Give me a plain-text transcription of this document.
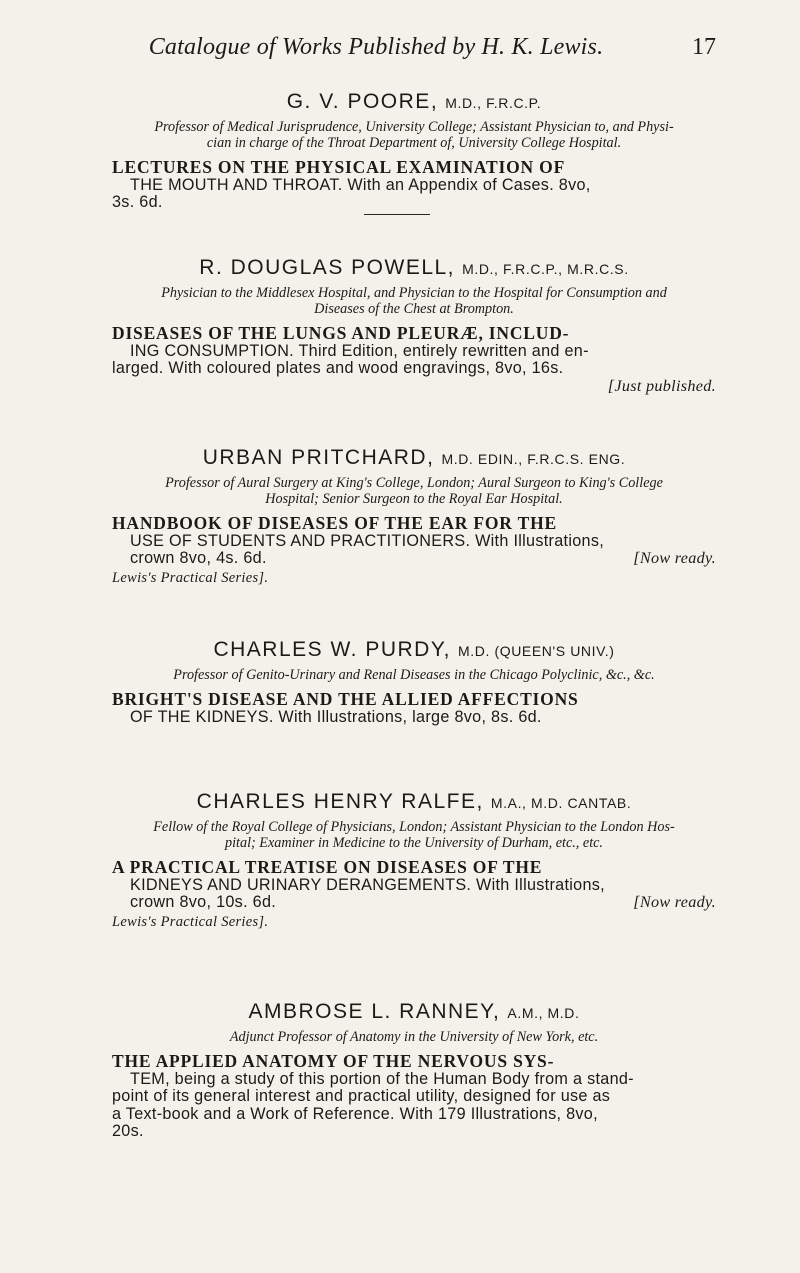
Catalogue of Works Published by H. K. Lewis.	17

G. V. POORE, M.D., F.R.C.P.

Professor of Medical Jurisprudence, University College; Assistant Physician to, and Physi-
cian in charge of the Throat Department of, University College Hospital.

LECTURES ON THE PHYSICAL EXAMINATION OF
THE MOUTH AND THROAT. With an Appendix of Cases. 8vo,
3s. 6d.

R. DOUGLAS POWELL, M.D., F.R.C.P., M.R.C.S.

Physician to the Middlesex Hospital, and Physician to the Hospital for Consumption and
Diseases of the Chest at Brompton.

DISEASES OF THE LUNGS AND PLEURÆ, INCLUD-
ING CONSUMPTION. Third Edition, entirely rewritten and en-
larged. With coloured plates and wood engravings, 8vo, 16s.
[Just published.

URBAN PRITCHARD, M.D. EDIN., F.R.C.S. ENG.

Professor of Aural Surgery at King's College, London; Aural Surgeon to King's College
Hospital; Senior Surgeon to the Royal Ear Hospital.

HANDBOOK OF DISEASES OF THE EAR FOR THE
USE OF STUDENTS AND PRACTITIONERS. With Illustrations,
crown 8vo, 4s. 6d.	[Now ready.
Lewis's Practical Series].

CHARLES W. PURDY, M.D. (QUEEN'S UNIV.)

Professor of Genito-Urinary and Renal Diseases in the Chicago Polyclinic, &c., &c.

BRIGHT'S DISEASE AND THE ALLIED AFFECTIONS
OF THE KIDNEYS. With Illustrations, large 8vo, 8s. 6d.

CHARLES HENRY RALFE, M.A., M.D. CANTAB.

Fellow of the Royal College of Physicians, London; Assistant Physician to the London Hos-
pital; Examiner in Medicine to the University of Durham, etc., etc.

A PRACTICAL TREATISE ON DISEASES OF THE
KIDNEYS AND URINARY DERANGEMENTS. With Illustrations,
crown 8vo, 10s. 6d.	[Now ready.
Lewis's Practical Series].

AMBROSE L. RANNEY, A.M., M.D.

Adjunct Professor of Anatomy in the University of New York, etc.

THE APPLIED ANATOMY OF THE NERVOUS SYS-
TEM, being a study of this portion of the Human Body from a stand-
point of its general interest and practical utility, designed for use as
a Text-book and a Work of Reference. With 179 Illustrations, 8vo,
20s.
